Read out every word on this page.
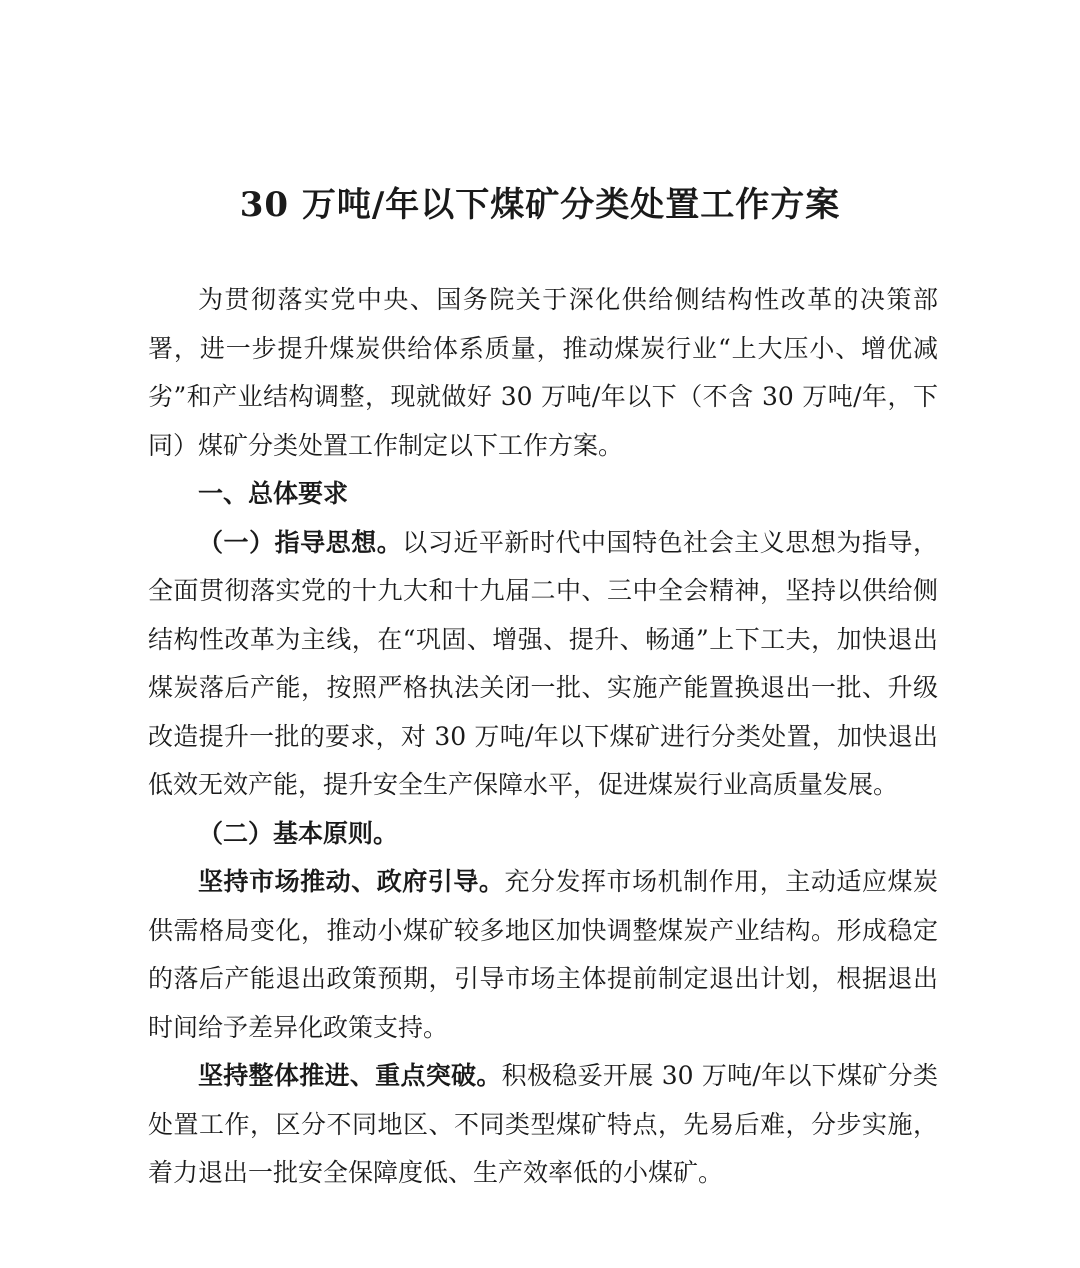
30 万吨/年以下煤矿分类处置工作方案

为贯彻落实党中央、国务院关于深化供给侧结构性改革的决策部署，进一步提升煤炭供给体系质量，推动煤炭行业“上大压小、增优减劣”和产业结构调整，现就做好 30 万吨/年以下（不含 30 万吨/年，下同）煤矿分类处置工作制定以下工作方案。

一、总体要求

（一）指导思想。以习近平新时代中国特色社会主义思想为指导，全面贯彻落实党的十九大和十九届二中、三中全会精神，坚持以供给侧结构性改革为主线，在“巩固、增强、提升、畅通”上下工夫，加快退出煤炭落后产能，按照严格执法关闭一批、实施产能置换退出一批、升级改造提升一批的要求，对 30 万吨/年以下煤矿进行分类处置，加快退出低效无效产能，提升安全生产保障水平，促进煤炭行业高质量发展。

（二）基本原则。

坚持市场推动、政府引导。充分发挥市场机制作用，主动适应煤炭供需格局变化，推动小煤矿较多地区加快调整煤炭产业结构。形成稳定的落后产能退出政策预期，引导市场主体提前制定退出计划，根据退出时间给予差异化政策支持。

坚持整体推进、重点突破。积极稳妥开展 30 万吨/年以下煤矿分类处置工作，区分不同地区、不同类型煤矿特点，先易后难，分步实施，着力退出一批安全保障度低、生产效率低的小煤矿。
